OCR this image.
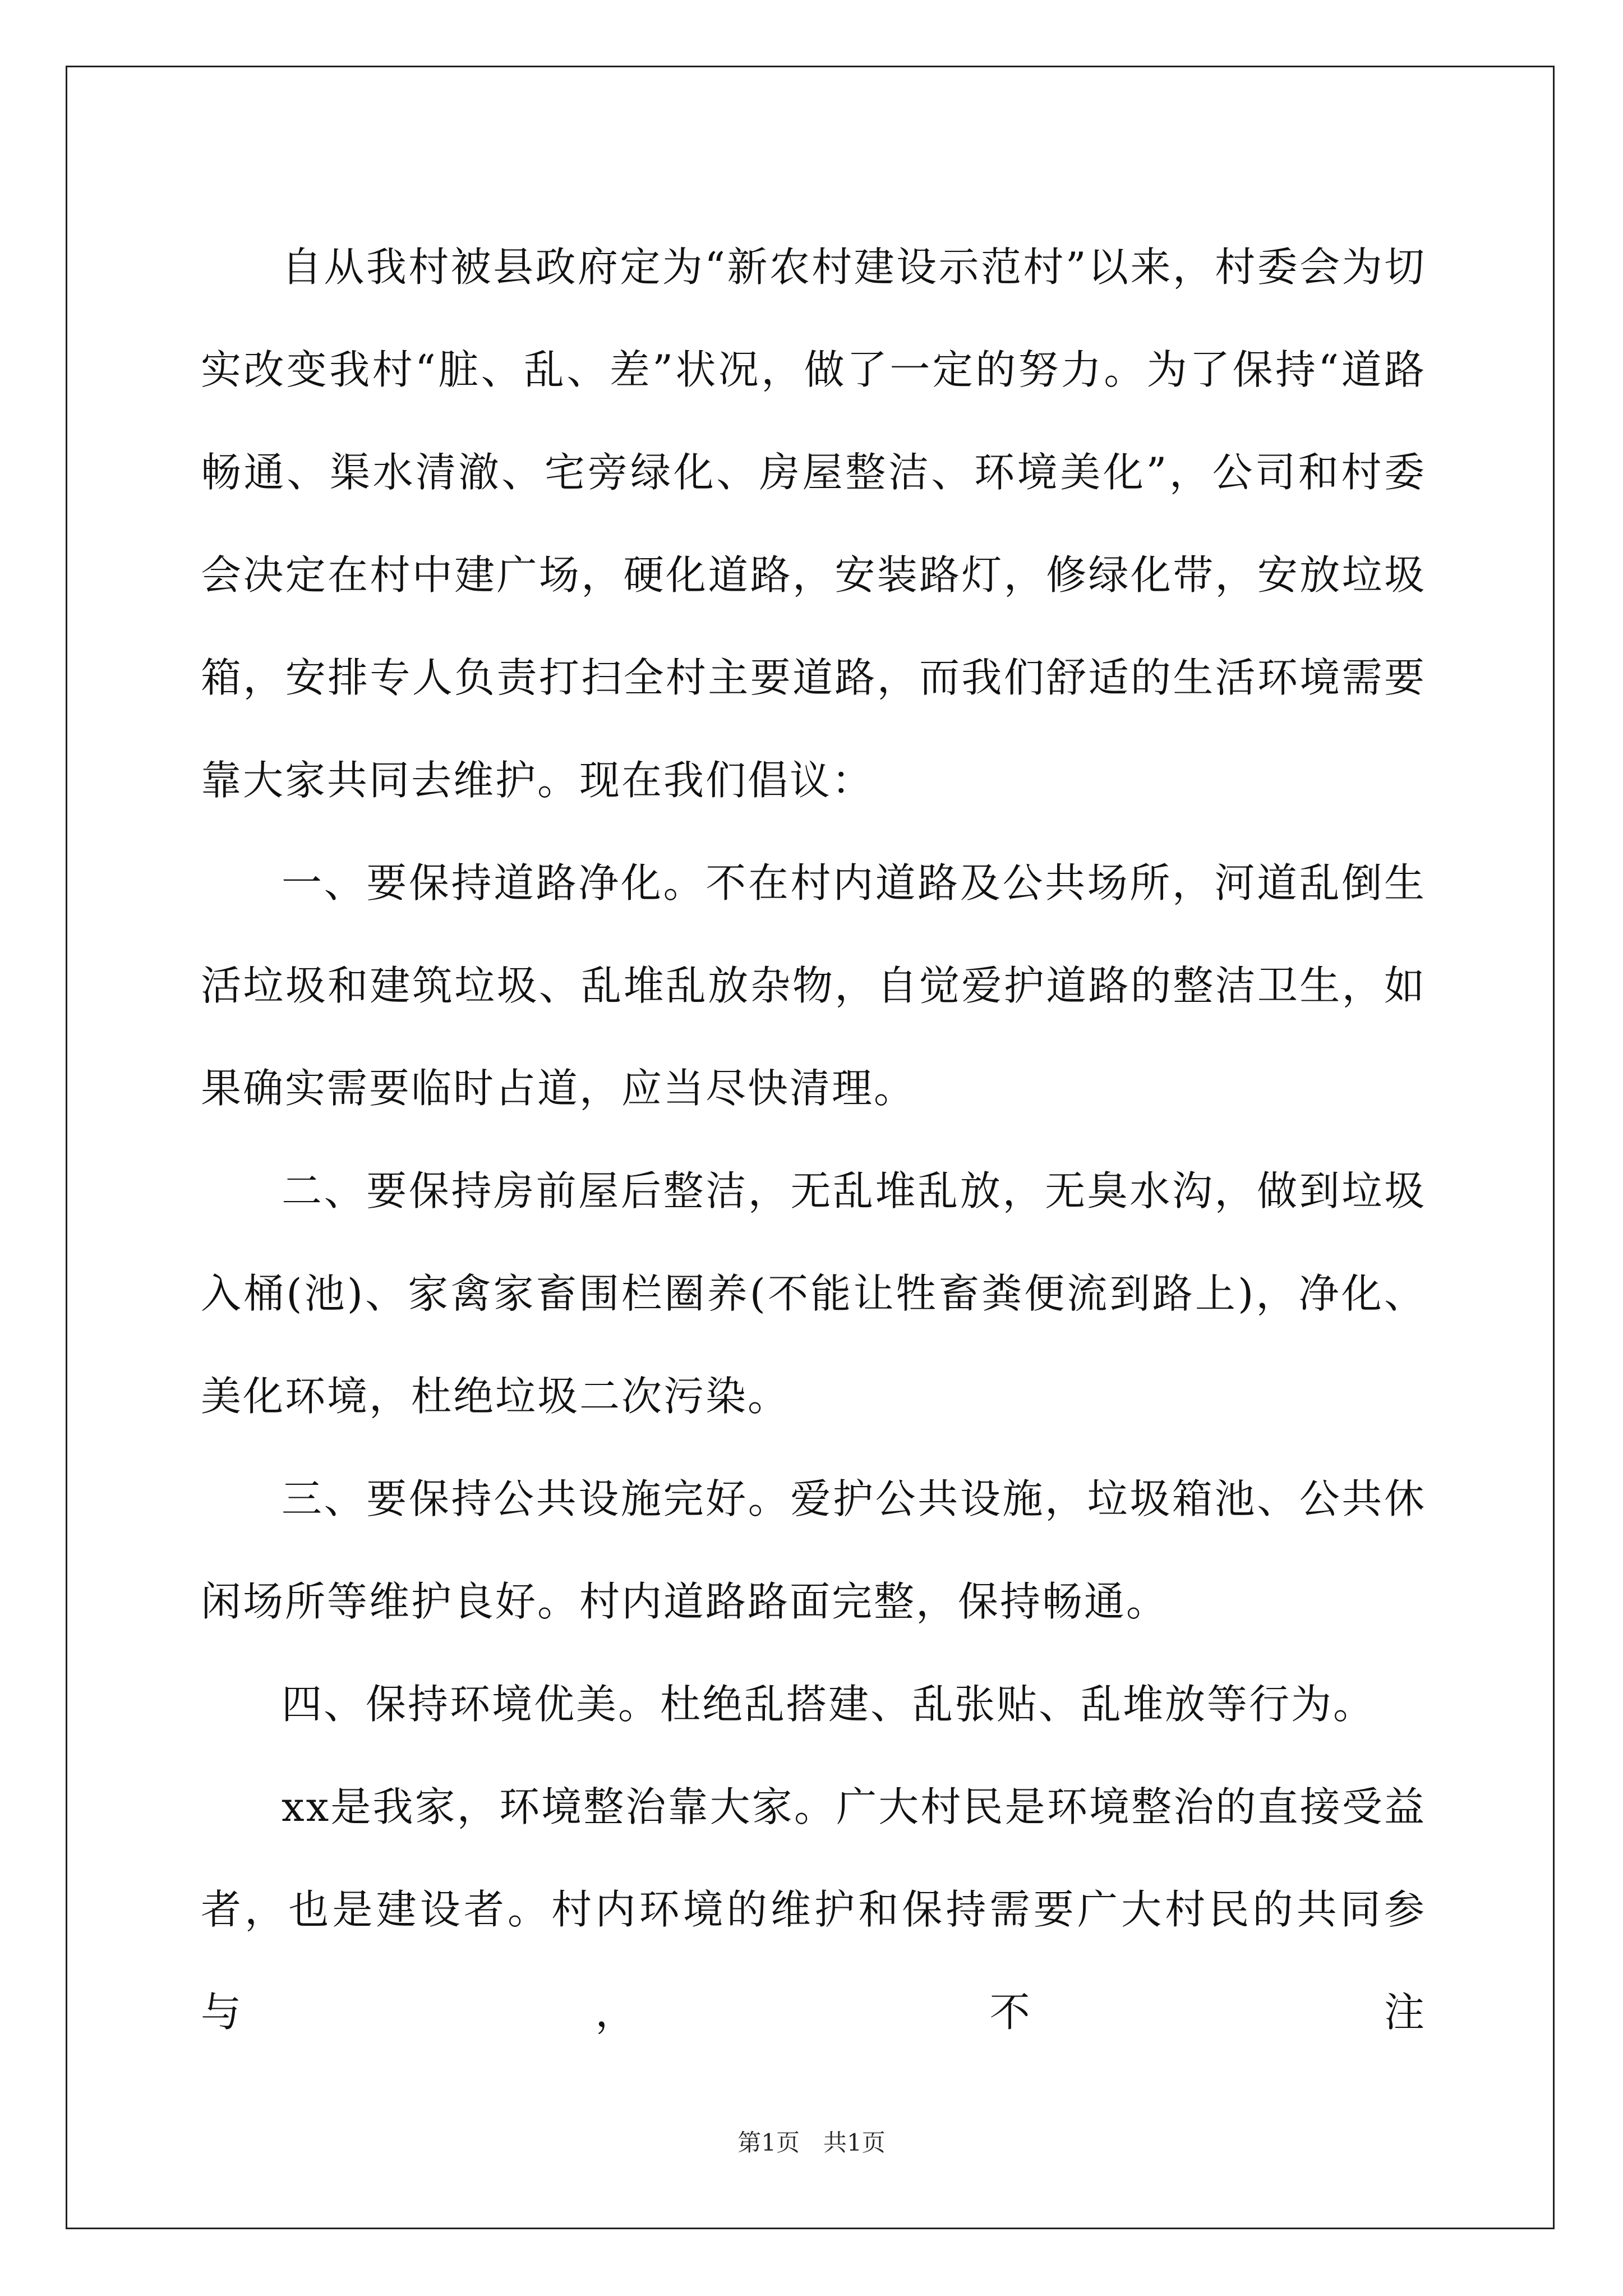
自从我村被县政府定为“新农村建设示范村”以来，村委会为切实改变我村“脏、乱、差”状况，做了一定的努力。为了保持“道路畅通、渠水清澈、宅旁绿化、房屋整洁、环境美化”，公司和村委会决定在村中建广场，硬化道路，安装路灯，修绿化带，安放垃圾箱，安排专人负责打扫全村主要道路，而我们舒适的生活环境需要靠大家共同去维护。现在我们倡议：

一、要保持道路净化。不在村内道路及公共场所，河道乱倒生活垃圾和建筑垃圾、乱堆乱放杂物，自觉爱护道路的整洁卫生，如果确实需要临时占道，应当尽快清理。

二、要保持房前屋后整洁，无乱堆乱放，无臭水沟，做到垃圾入桶(池)、家禽家畜围栏圈养(不能让牲畜粪便流到路上)，净化、美化环境，杜绝垃圾二次污染。

三、要保持公共设施完好。爱护公共设施，垃圾箱池、公共休闲场所等维护良好。村内道路路面完整，保持畅通。

四、保持环境优美。杜绝乱搭建、乱张贴、乱堆放等行为。

xx是我家，环境整治靠大家。广大村民是环境整治的直接受益者，也是建设者。村内环境的维护和保持需要广大村民的共同参与，不注

第1页　共1页
